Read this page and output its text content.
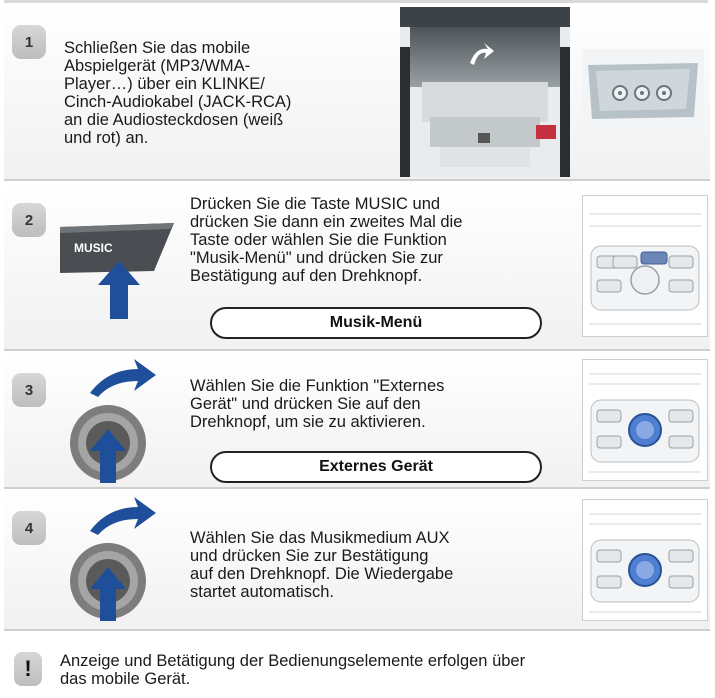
1	Schließen Sie das mobile
Abspielgerät (MP3/WMA-
Player…) über ein KLINKE/
Cinch-Audiokabel (JACK-RCA)
an die Audiosteckdosen (weiß
und rot) an.
2
MUSIC
Drücken Sie die Taste MUSIC und
drücken Sie dann ein zweites Mal die
Taste oder wählen Sie die Funktion
"Musik-Menü" und drücken Sie zur
Bestätigung auf den Drehknopf.
Musik-Menü
3	Wählen Sie die Funktion "Externes
Gerät" und drücken Sie auf den
Drehknopf, um sie zu aktivieren.
Externes Gerät
4
Wählen Sie das Musikmedium AUX
und drücken Sie zur Bestätigung
auf den Drehknopf. Die Wiedergabe
startet automatisch.
!	Anzeige und Betätigung der Bedienungselemente erfolgen über
das mobile Gerät.
